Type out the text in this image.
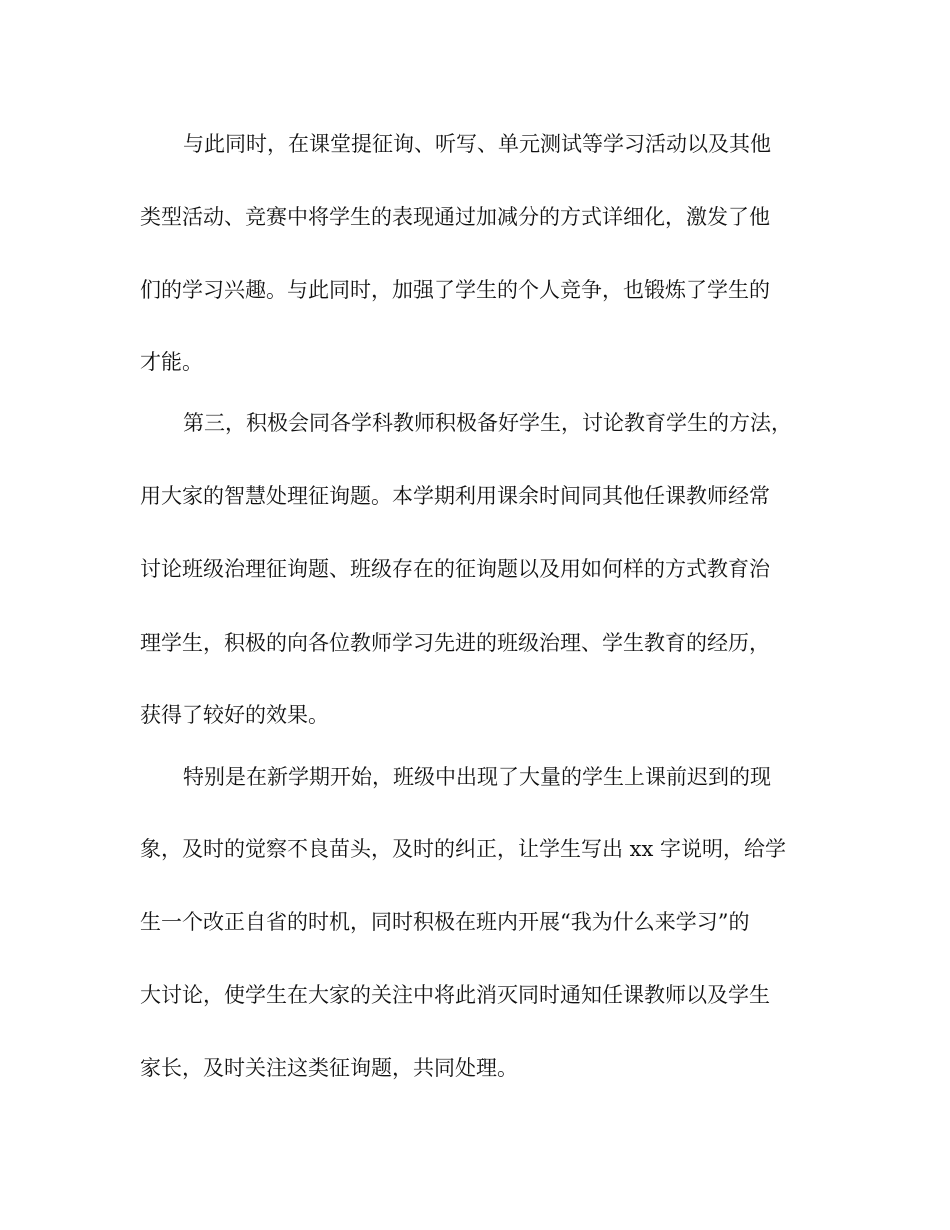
与此同时，在课堂提征询、听写、单元测试等学习活动以及其他

类型活动、竞赛中将学生的表现通过加减分的方式详细化，激发了他

们的学习兴趣。与此同时，加强了学生的个人竞争，也锻炼了学生的

才能。

第三，积极会同各学科教师积极备好学生，讨论教育学生的方法，

用大家的智慧处理征询题。本学期利用课余时间同其他任课教师经常

讨论班级治理征询题、班级存在的征询题以及用如何样的方式教育治

理学生，积极的向各位教师学习先进的班级治理、学生教育的经历，

获得了较好的效果。

特别是在新学期开始，班级中出现了大量的学生上课前迟到的现

象，及时的觉察不良苗头，及时的纠正，让学生写出 xx 字说明，给学

生一个改正自省的时机，同时积极在班内开展“我为什么来学习”的

大讨论，使学生在大家的关注中将此消灭同时通知任课教师以及学生

家长，及时关注这类征询题，共同处理。
